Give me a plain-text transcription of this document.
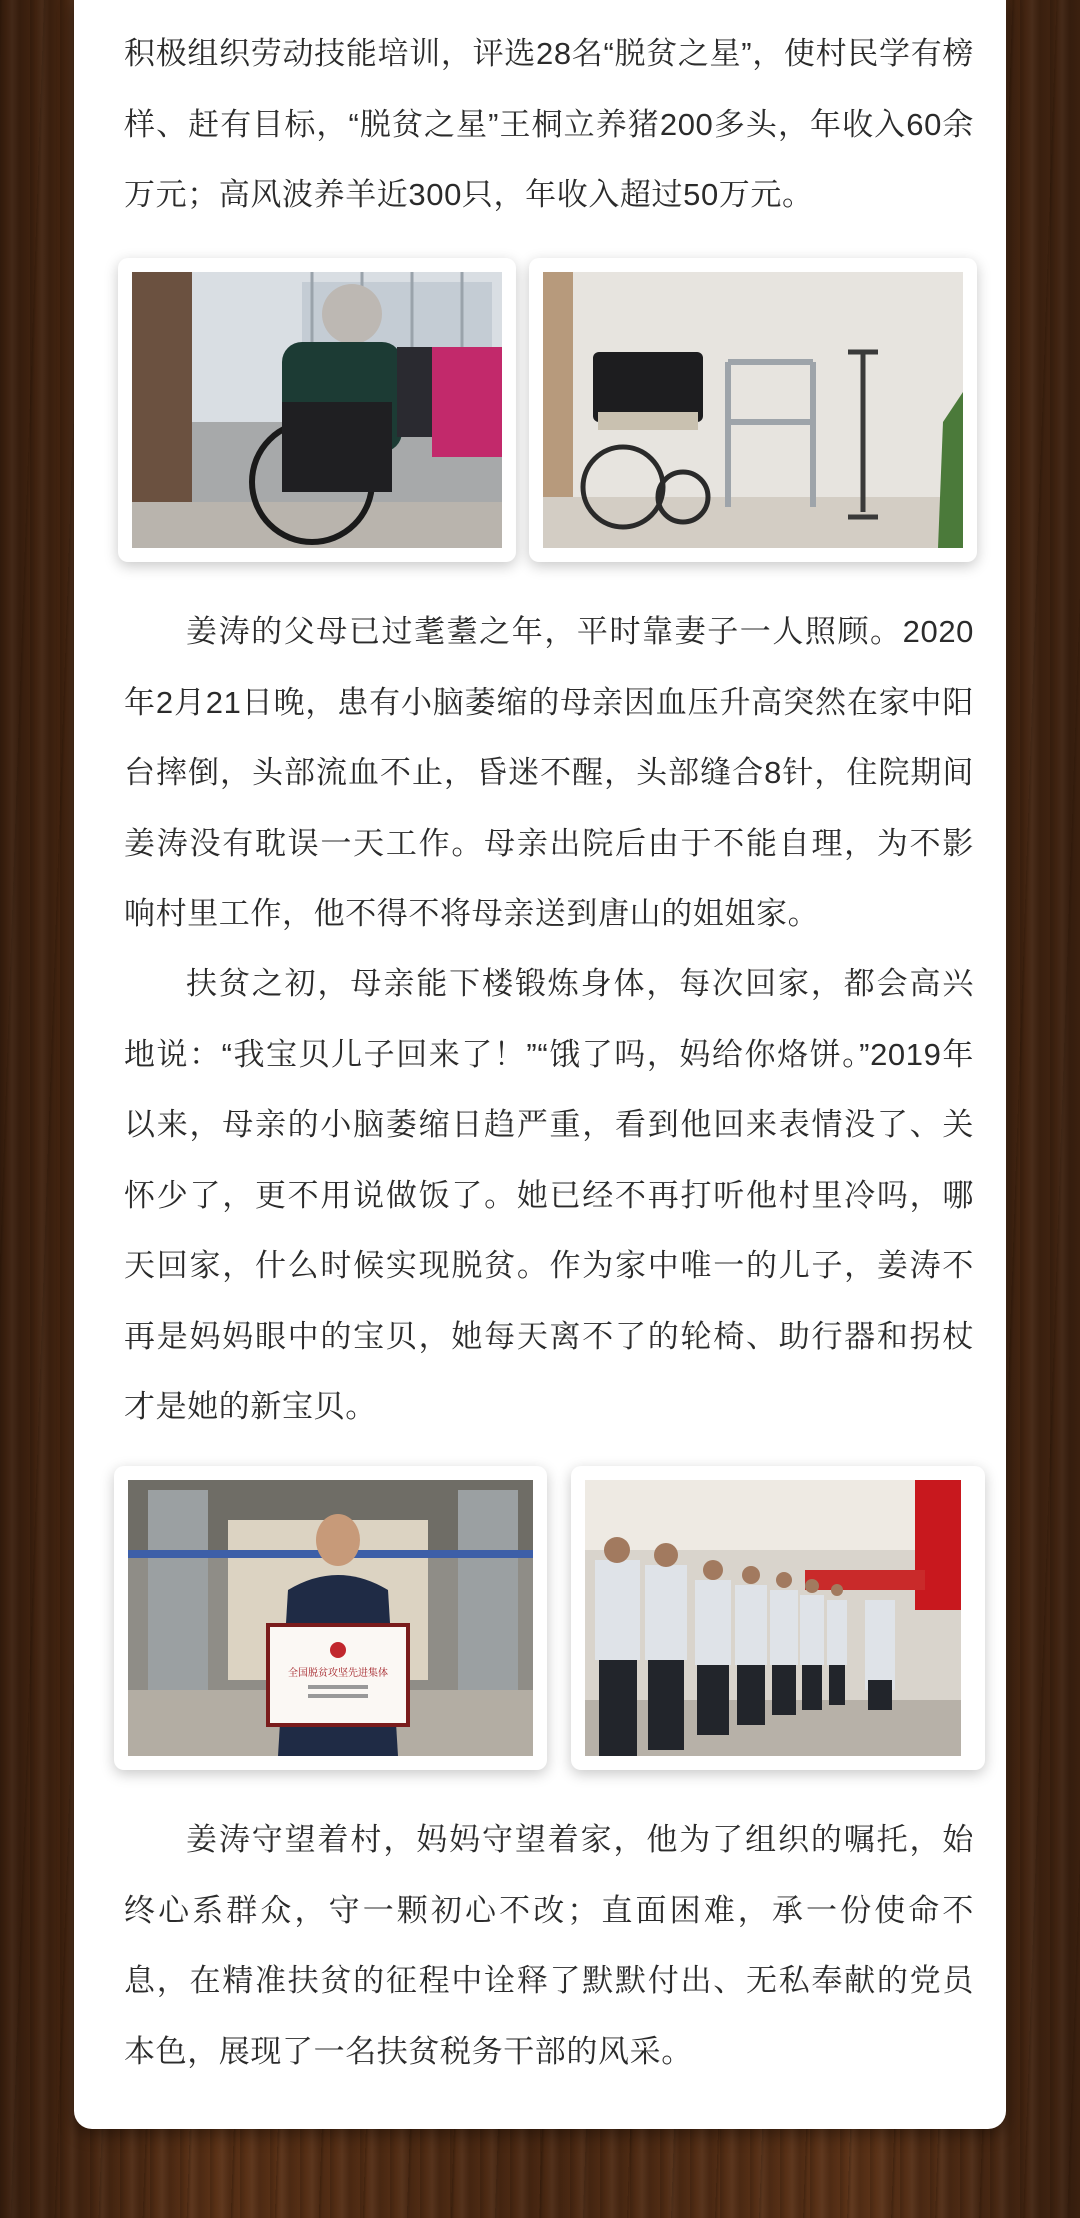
积极组织劳动技能培训，评选28名“脱贫之星”，使村民学有榜样、赶有目标，“脱贫之星”王桐立养猪200多头，年收入60余万元；高风波养羊近300只，年收入超过50万元。

姜涛的父母已过耄耋之年，平时靠妻子一人照顾。2020年2月21日晚，患有小脑萎缩的母亲因血压升高突然在家中阳台摔倒，头部流血不止，昏迷不醒，头部缝合8针，住院期间姜涛没有耽误一天工作。母亲出院后由于不能自理，为不影响村里工作，他不得不将母亲送到唐山的姐姐家。

扶贫之初，母亲能下楼锻炼身体，每次回家，都会高兴地说：“我宝贝儿子回来了！”“饿了吗，妈给你烙饼。”2019年以来，母亲的小脑萎缩日趋严重，看到他回来表情没了、关怀少了，更不用说做饭了。她已经不再打听他村里冷吗，哪天回家，什么时候实现脱贫。作为家中唯一的儿子，姜涛不再是妈妈眼中的宝贝，她每天离不了的轮椅、助行器和拐杖才是她的新宝贝。

全国脱贫攻坚先进集体

姜涛守望着村，妈妈守望着家，他为了组织的嘱托，始终心系群众，守一颗初心不改；直面困难，承一份使命不息，在精准扶贫的征程中诠释了默默付出、无私奉献的党员本色，展现了一名扶贫税务干部的风采。
